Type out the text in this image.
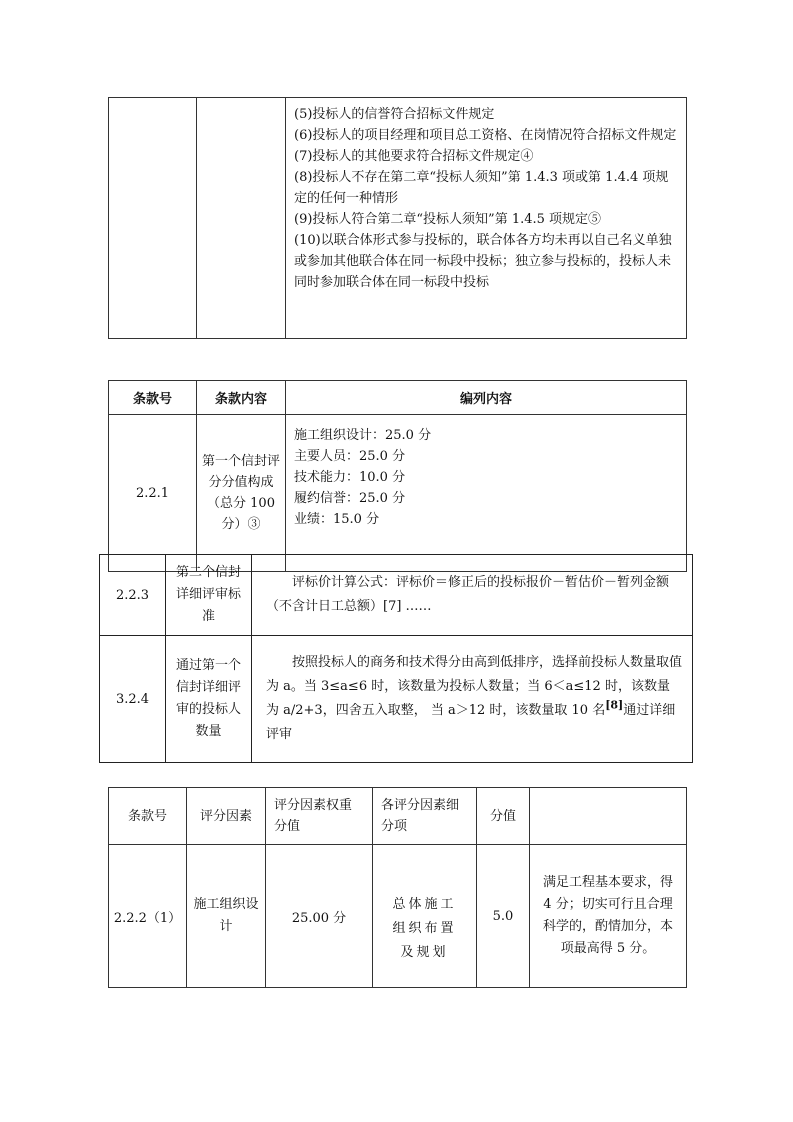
(5)投标人的信誉符合招标文件规定
(6)投标人的项目经理和项目总工资格、在岗情况符合招标文件规定
(7)投标人的其他要求符合招标文件规定④
(8)投标人不存在第二章“投标人须知”第 1.4.3 项或第 1.4.4 项规定的任何一种情形
(9)投标人符合第二章“投标人须知”第 1.4.5 项规定⑤
(10)以联合体形式参与投标的，联合体各方均未再以自己名义单独或参加其他联合体在同一标段中投标；独立参与投标的，投标人未同时参加联合体在同一标段中投标
条款号	条款内容	编列内容
2.2.1	第一个信封评分分值构成（总分 100 分）③	施工组织设计：25.0 分
主要人员：25.0 分
技术能力：10.0 分
履约信誉：25.0 分
业绩：15.0 分
2.2.3	第二个信封详细评审标准	评标价计算公式：评标价＝修正后的投标报价－暂估价－暂列金额（不含计日工总额）[7] ……
3.2.4	通过第一个信封详细评审的投标人数量	按照投标人的商务和技术得分由高到低排序，选择前投标人数量取值为 a。当 3≤a≤6 时，该数量为投标人数量；当 6＜a≤12 时，该数量为 a/2+3，四舍五入取整， 当 a＞12 时，该数量取 10 名[8]通过详细评审
条款号	评分因素	评分因素权重分值	各评分因素细分项	分值	
2.2.2（1）	施工组织设计	25.00 分	总体施工组织布置及规划	5.0	满足工程基本要求，得 4 分；切实可行且合理科学的，酌情加分，本项最高得 5 分。
